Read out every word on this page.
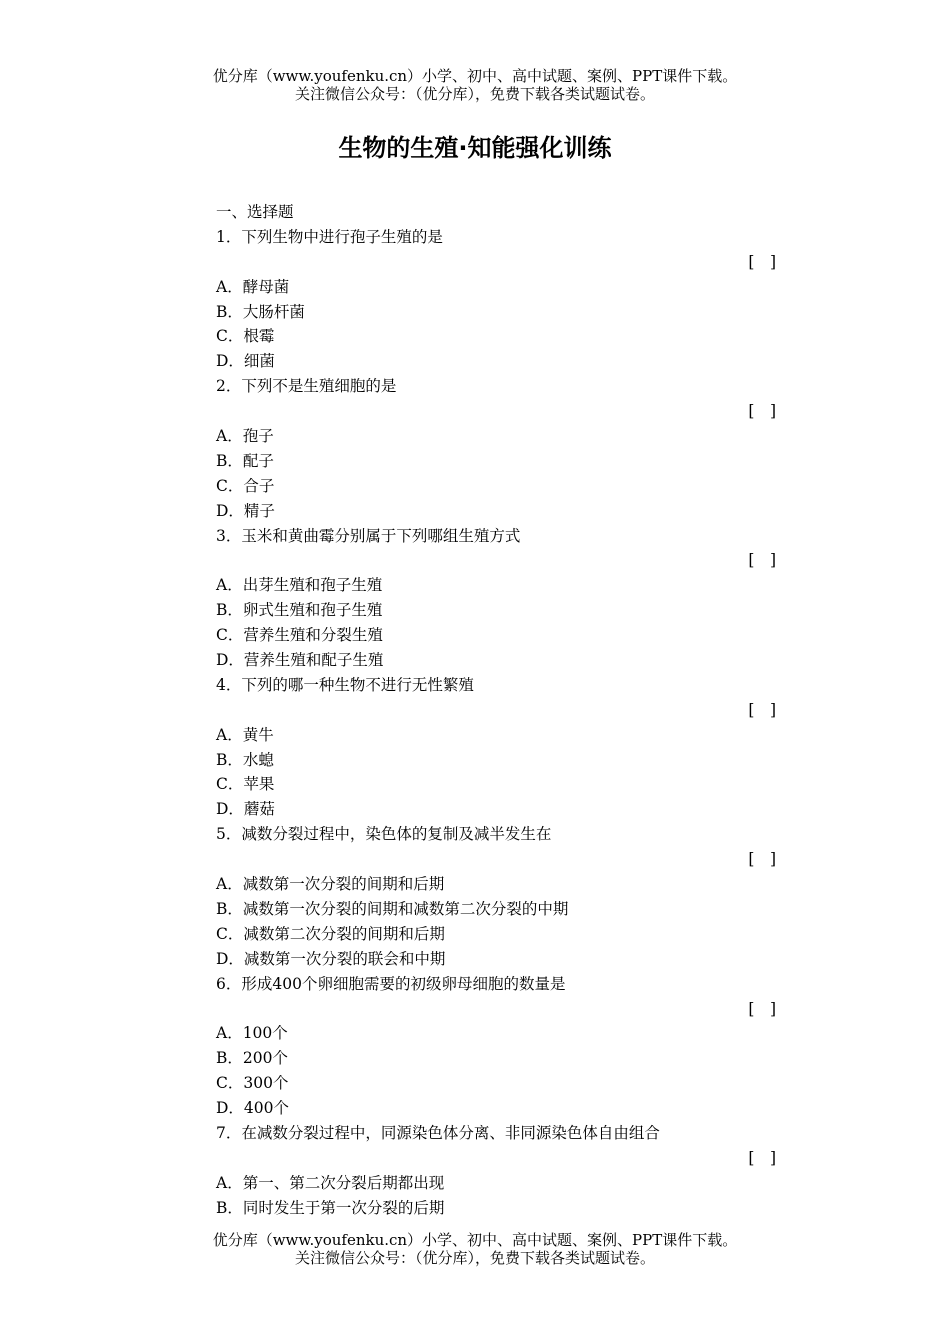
优分库（www.youfenku.cn）小学、初中、高中试题、案例、PPT课件下载。
关注微信公众号：（优分库），免费下载各类试题试卷。
生物的生殖·知能强化训练
一、选择题
1．下列生物中进行孢子生殖的是
[　]
A．酵母菌
B．大肠杆菌
C．根霉
D．细菌
2．下列不是生殖细胞的是
[　]
A．孢子
B．配子
C．合子
D．精子
3．玉米和黄曲霉分别属于下列哪组生殖方式
[　]
A．出芽生殖和孢子生殖
B．卵式生殖和孢子生殖
C．营养生殖和分裂生殖
D．营养生殖和配子生殖
4．下列的哪一种生物不进行无性繁殖
[　]
A．黄牛
B．水螅
C．苹果
D．蘑菇
5．减数分裂过程中，染色体的复制及减半发生在
[　]
A．减数第一次分裂的间期和后期
B．减数第一次分裂的间期和减数第二次分裂的中期
C．减数第二次分裂的间期和后期
D．减数第一次分裂的联会和中期
6．形成400个卵细胞需要的初级卵母细胞的数量是
[　]
A．100个
B．200个
C．300个
D．400个
7．在减数分裂过程中，同源染色体分离、非同源染色体自由组合
[　]
A．第一、第二次分裂后期都出现
B．同时发生于第一次分裂的后期
优分库（www.youfenku.cn）小学、初中、高中试题、案例、PPT课件下载。
关注微信公众号：（优分库），免费下载各类试题试卷。
